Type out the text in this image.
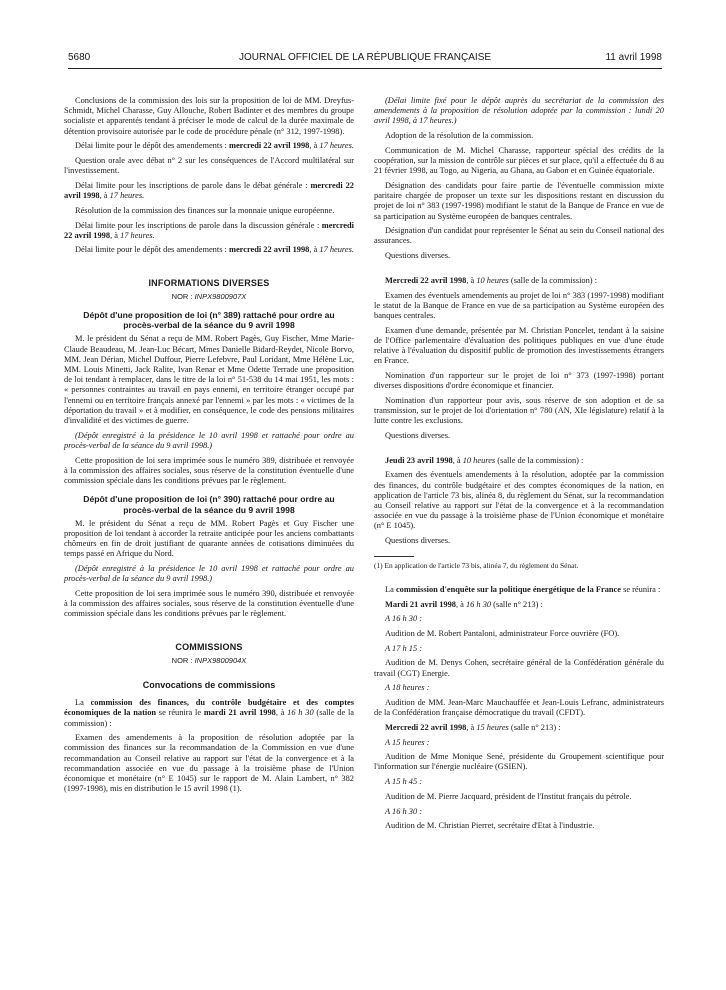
5680	JOURNAL OFFICIEL DE LA RÉPUBLIQUE FRANÇAISE	11 avril 1998

Conclusions de la commission des lois sur la proposition de loi de MM. Dreyfus-Schmidt, Michel Charasse, Guy Allouche, Robert Badinter et des membres du groupe socialiste et apparentés tendant à préciser le mode de calcul de la durée maximale de détention provisoire autorisée par le code de procédure pénale (n° 312, 1997-1998).

Délai limite pour le dépôt des amendements : mercredi 22 avril 1998, à 17 heures.

Question orale avec débat n° 2 sur les conséquences de l'Accord multilatéral sur l'investissement.

Délai limite pour les inscriptions de parole dans le débat générale : mercredi 22 avril 1998, à 17 heures.

Résolution de la commission des finances sur la monnaie unique européenne.

Délai limite pour les inscriptions de parole dans la discussion générale : mercredi 22 avril 1998, à 17 heures.

Délai limite pour le dépôt des amendements : mercredi 22 avril 1998, à 17 heures.

INFORMATIONS DIVERSES
NOR : INPX9800907X
Dépôt d'une proposition de loi (n° 389) rattaché pour ordre au procès-verbal de la séance du 9 avril 1998

M. le président du Sénat a reçu de MM. Robert Pagès, Guy Fischer, Mme Marie-Claude Beaudeau, M. Jean-Luc Bécart, Mmes Danielle Bidard-Reydet, Nicole Borvo, MM. Jean Dérian, Michel Duffour, Pierre Lefebvre, Paul Loridant, Mme Hélène Luc, MM. Louis Minetti, Jack Ralite, Ivan Renar et Mme Odette Terrade une proposition de loi tendant à remplacer, dans le titre de la loi n° 51-538 du 14 mai 1951, les mots : « personnes contraintes au travail en pays ennemi, en territoire étranger occupé par l'ennemi ou en territoire français annexé par l'ennemi » par les mots : « victimes de la déportation du travail » et à modifier, en conséquence, le code des pensions militaires d'invalidité et des victimes de guerre.

(Dépôt enregistré à la présidence le 10 avril 1998 et rattaché pour ordre au procès-verbal de la séance du 9 avril 1998.)

Cette proposition de loi sera imprimée sous le numéro 389, distribuée et renvoyée à la commission des affaires sociales, sous réserve de la constitution éventuelle d'une commission spéciale dans les conditions prévues par le règlement.

Dépôt d'une proposition de loi (n° 390) rattaché pour ordre au procès-verbal de la séance du 9 avril 1998

M. le président du Sénat a reçu de MM. Robert Pagès et Guy Fischer une proposition de loi tendant à accorder la retraite anticipée pour les anciens combattants chômeurs en fin de droit justifiant de quarante années de cotisations diminuées du temps passé en Afrique du Nord.

(Dépôt enregistré à la présidence le 10 avril 1998 et rattaché pour ordre au procès-verbal de la séance du 9 avril 1998.)

Cette proposition de loi sera imprimée sous le numéro 390, distribuée et renvoyée à la commission des affaires sociales, sous réserve de la constitution éventuelle d'une commission spéciale dans les conditions prévues par le règlement.

COMMISSIONS
NOR : INPX9800904X
Convocations de commissions

La commission des finances, du contrôle budgétaire et des comptes économiques de la nation se réunira le mardi 21 avril 1998, à 16 h 30 (salle de la commission) :

Examen des amendements à la proposition de résolution adoptée par la commission des finances sur la recommandation de la Commission en vue d'une recommandation au Conseil relative au rapport sur l'état de la convergence et à la recommandation associée en vue du passage à la troisième phase de l'Union économique et monétaire (n° E 1045) sur le rapport de M. Alain Lambert, n° 382 (1997-1998), mis en distribution le 15 avril 1998 (1).

(Délai limite fixé pour le dépôt auprès du secrétariat de la commission des amendements à la proposition de résolution adoptée par la commission : lundi 20 avril 1998, à 17 heures.)

Adoption de la résolution de la commission.

Communication de M. Michel Charasse, rapporteur spécial des crédits de la coopération, sur la mission de contrôle sur pièces et sur place, qu'il a effectuée du 8 au 21 février 1998, au Togo, au Nigeria, au Ghana, au Gabon et en Guinée équatoriale.

Désignation des candidats pour faire partie de l'éventuelle commission mixte paritaire chargée de proposer un texte sur les dispositions restant en discussion du projet de loi n° 383 (1997-1998) modifiant le statut de la Banque de France en vue de sa participation au Système européen de banques centrales.

Désignation d'un candidat pour représenter le Sénat au sein du Conseil national des assurances.

Questions diverses.

Mercredi 22 avril 1998, à 10 heures (salle de la commission) :

Examen des éventuels amendements au projet de loi n° 383 (1997-1998) modifiant le statut de la Banque de France en vue de sa participation au Système européen des banques centrales.

Examen d'une demande, présentée par M. Christian Poncelet, tendant à la saisine de l'Office parlementaire d'évaluation des politiques publiques en vue d'une étude relative à l'évaluation du dispositif public de promotion des investissements étrangers en France.

Nomination d'un rapporteur sur le projet de loi n° 373 (1997-1998) portant diverses dispositions d'ordre économique et financier.

Nomination d'un rapporteur pour avis, sous réserve de son adoption et de sa transmission, sur le projet de loi d'orientation n° 780 (AN, XIe législature) relatif à la lutte contre les exclusions.

Questions diverses.

Jeudi 23 avril 1998, à 10 heures (salle de la commission) :

Examen des éventuels amendements à la résolution, adoptée par la commission des finances, du contrôle budgétaire et des comptes économiques de la nation, en application de l'article 73 bis, alinéa 8, du règlement du Sénat, sur la recommandation au Conseil relative au rapport sur l'état de la convergence et à la recommandation associée en vue du passage à la troisième phase de l'Union économique et monétaire (n° E 1045).

Questions diverses.

(1) En application de l'article 73 bis, alinéa 7, du règlement du Sénat.

La commission d'enquête sur la politique énergétique de la France se réunira :

Mardi 21 avril 1998, à 16 h 30 (salle n° 213) :

A 16 h 30 :

Audition de M. Robert Pantaloni, administrateur Force ouvrière (FO).

A 17 h 15 :

Audition de M. Denys Cohen, secrétaire général de la Confédération générale du travail (CGT) Energie.

A 18 heures :

Audition de MM. Jean-Marc Mauchauffée et Jean-Louis Lefranc, administrateurs de la Confédération française démocratique du travail (CFDT).

Mercredi 22 avril 1998, à 15 heures (salle n° 213) :

A 15 heures :

Audition de Mme Monique Sené, présidente du Groupement scientifique pour l'information sur l'énergie nucléaire (GSIEN).

A 15 h 45 :

Audition de M. Pierre Jacquard, président de l'Institut français du pétrole.

A 16 h 30 :

Audition de M. Christian Pierret, secrétaire d'Etat à l'industrie.
